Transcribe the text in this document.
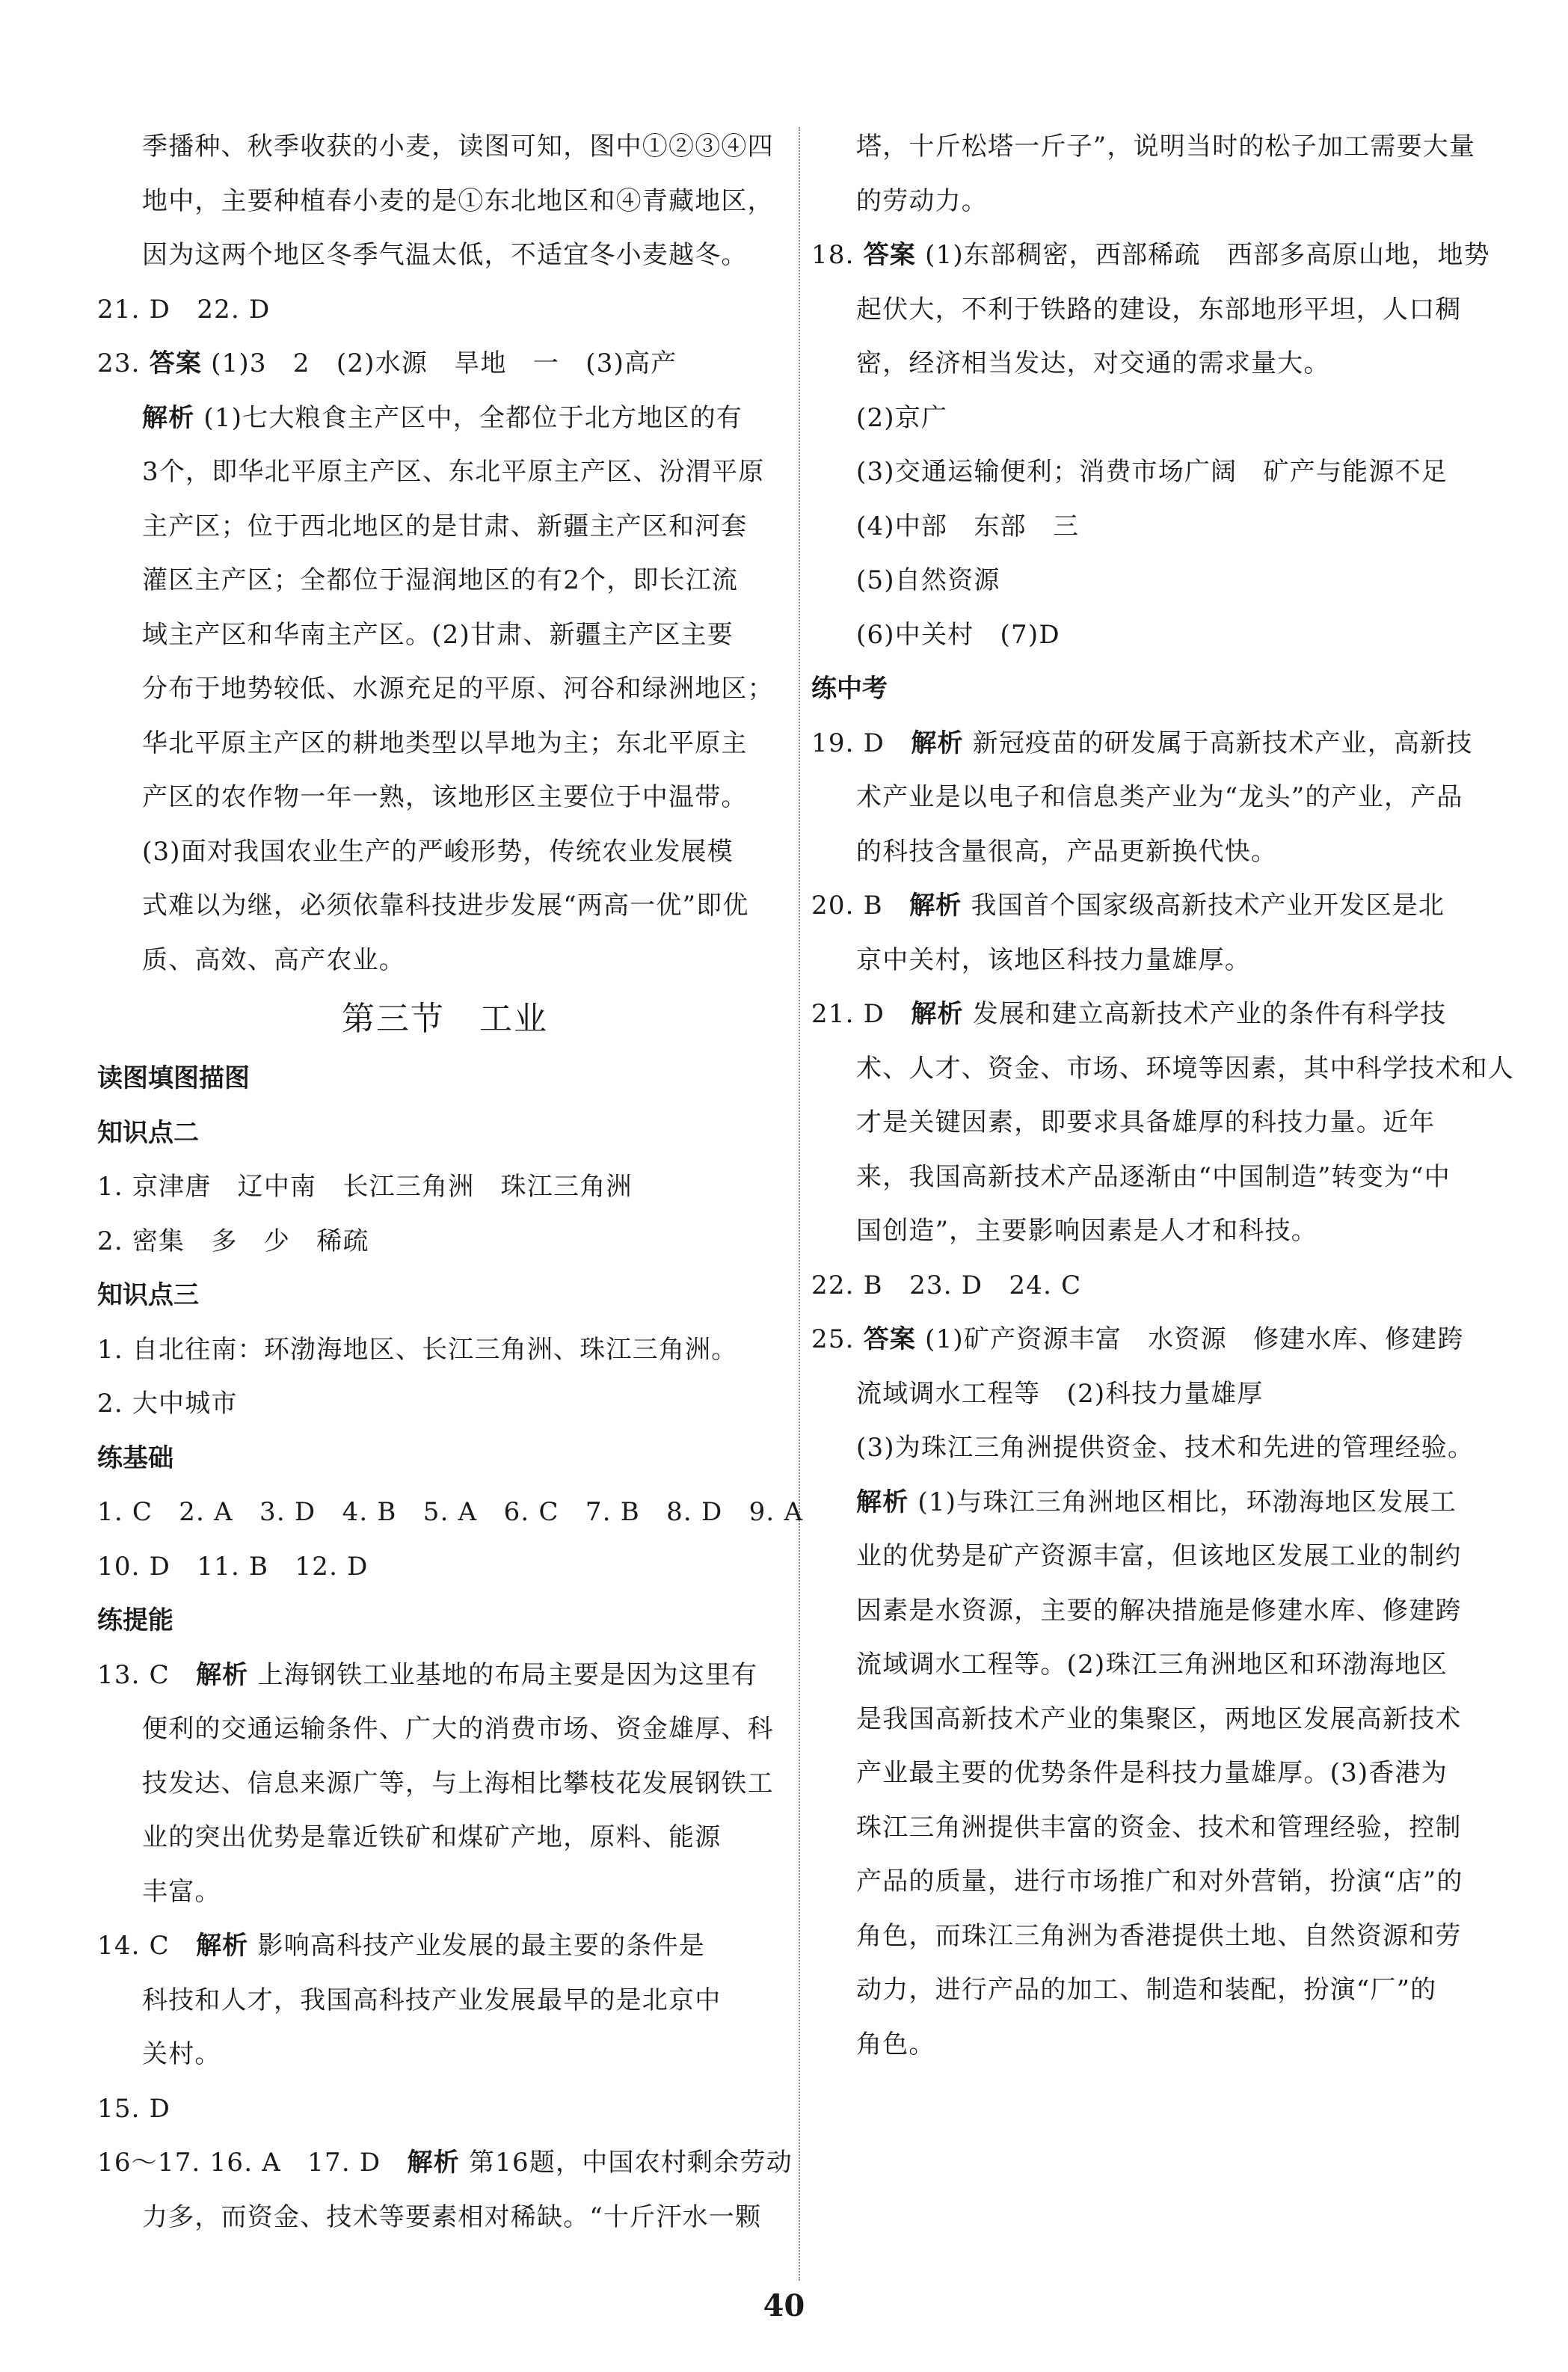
季播种、秋季收获的小麦，读图可知，图中①②③④四
地中，主要种植春小麦的是①东北地区和④青藏地区，
因为这两个地区冬季气温太低，不适宜冬小麦越冬。
21. D　22. D
23. 答案 (1)3　2　(2)水源　旱地　一　(3)高产
解析 (1)七大粮食主产区中，全都位于北方地区的有
3个，即华北平原主产区、东北平原主产区、汾渭平原
主产区；位于西北地区的是甘肃、新疆主产区和河套
灌区主产区；全都位于湿润地区的有2个，即长江流
域主产区和华南主产区。(2)甘肃、新疆主产区主要
分布于地势较低、水源充足的平原、河谷和绿洲地区；
华北平原主产区的耕地类型以旱地为主；东北平原主
产区的农作物一年一熟，该地形区主要位于中温带。
(3)面对我国农业生产的严峻形势，传统农业发展模
式难以为继，必须依靠科技进步发展“两高一优”即优
质、高效、高产农业。
第三节　工业
读图填图描图
知识点二
1. 京津唐　辽中南　长江三角洲　珠江三角洲
2. 密集　多　少　稀疏
知识点三
1. 自北往南：环渤海地区、长江三角洲、珠江三角洲。
2. 大中城市
练基础
1. C　2. A　3. D　4. B　5. A　6. C　7. B　8. D　9. A
10. D　11. B　12. D
练提能
13. C　 解析 上海钢铁工业基地的布局主要是因为这里有
便利的交通运输条件、广大的消费市场、资金雄厚、科
技发达、信息来源广等，与上海相比攀枝花发展钢铁工
业的突出优势是靠近铁矿和煤矿产地，原料、能源
丰富。
14. C　 解析 影响高科技产业发展的最主要的条件是
科技和人才，我国高科技产业发展最早的是北京中
关村。
15. D
16～17. 16. A　17. D　 解析 第16题，中国农村剩余劳动
力多，而资金、技术等要素相对稀缺。“十斤汗水一颗
塔，十斤松塔一斤子”，说明当时的松子加工需要大量
的劳动力。
18. 答案 (1)东部稠密，西部稀疏　西部多高原山地，地势
起伏大，不利于铁路的建设，东部地形平坦，人口稠
密，经济相当发达，对交通的需求量大。
(2)京广
(3)交通运输便利；消费市场广阔　矿产与能源不足
(4)中部　东部　三
(5)自然资源
(6)中关村　(7)D
练中考
19. D　 解析 新冠疫苗的研发属于高新技术产业，高新技
术产业是以电子和信息类产业为“龙头”的产业，产品
的科技含量很高，产品更新换代快。
20. B　 解析 我国首个国家级高新技术产业开发区是北
京中关村，该地区科技力量雄厚。
21. D　 解析 发展和建立高新技术产业的条件有科学技
术、人才、资金、市场、环境等因素，其中科学技术和人
才是关键因素，即要求具备雄厚的科技力量。近年
来，我国高新技术产品逐渐由“中国制造”转变为“中
国创造”，主要影响因素是人才和科技。
22. B　23. D　24. C
25. 答案 (1)矿产资源丰富　水资源　修建水库、修建跨
流域调水工程等　(2)科技力量雄厚
(3)为珠江三角洲提供资金、技术和先进的管理经验。
解析 (1)与珠江三角洲地区相比，环渤海地区发展工
业的优势是矿产资源丰富，但该地区发展工业的制约
因素是水资源，主要的解决措施是修建水库、修建跨
流域调水工程等。(2)珠江三角洲地区和环渤海地区
是我国高新技术产业的集聚区，两地区发展高新技术
产业最主要的优势条件是科技力量雄厚。(3)香港为
珠江三角洲提供丰富的资金、技术和管理经验，控制
产品的质量，进行市场推广和对外营销，扮演“店”的
角色，而珠江三角洲为香港提供土地、自然资源和劳
动力，进行产品的加工、制造和装配，扮演“厂”的
角色。
40
